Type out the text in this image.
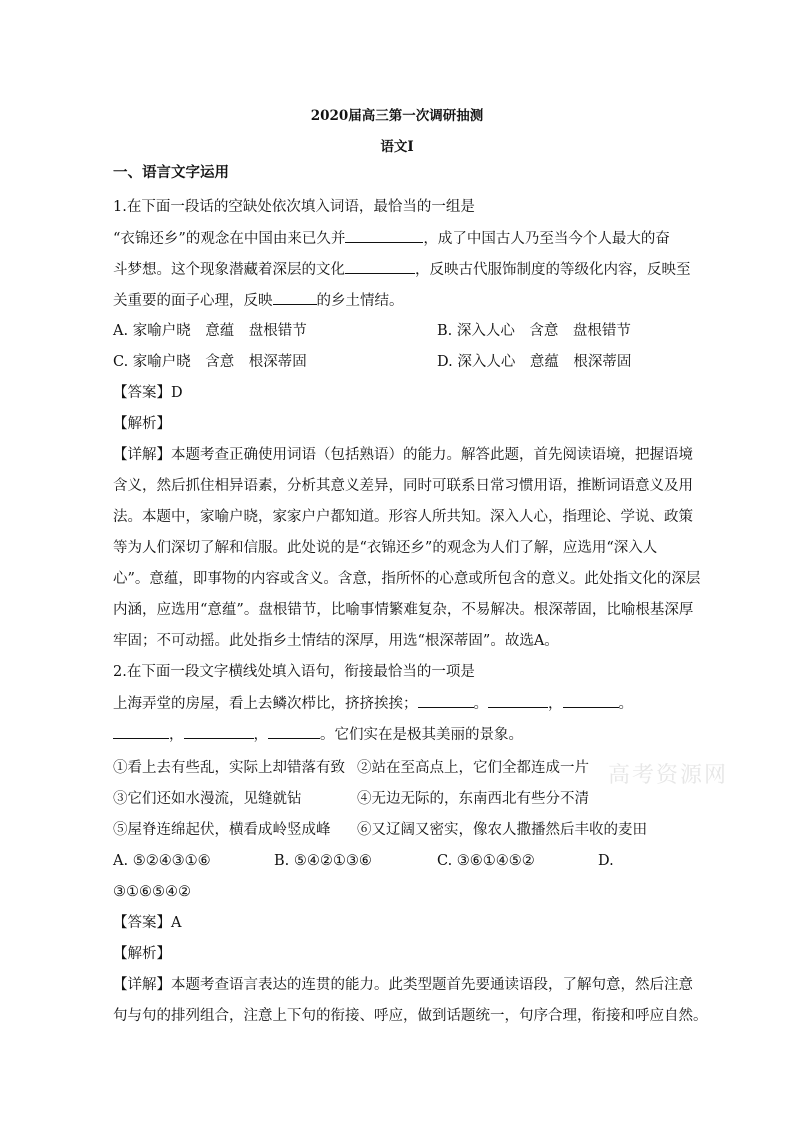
2020届高三第一次调研抽测
语文Ⅰ
一、语言文字运用
1.在下面一段话的空缺处依次填入词语，最恰当的一组是
“衣锦还乡”的观念在中国由来已久并	，成了中国古人乃至当今个人最大的奋
斗梦想。这个现象潜藏着深层的文化	，反映古代服饰制度的等级化内容，反映至
关重要的面子心理，反映	的乡土情结。
A. 家喻户晓　意蕴　盘根错节	B. 深入人心　含意　盘根错节
C. 家喻户晓　含意　根深蒂固	D. 深入人心　意蕴　根深蒂固
【答案】D
【解析】
【详解】本题考查正确使用词语（包括熟语）的能力。解答此题，首先阅读语境，把握语境
含义，然后抓住相异语素，分析其意义差异，同时可联系日常习惯用语，推断词语意义及用
法。本题中，家喻户晓，家家户户都知道。形容人所共知。深入人心，指理论、学说、政策
等为人们深切了解和信服。此处说的是“衣锦还乡”的观念为人们了解，应选用“深入人
心”。意蕴，即事物的内容或含义。含意，指所怀的心意或所包含的意义。此处指文化的深层
内涵，应选用“意蕴”。盘根错节，比喻事情繁难复杂，不易解决。根深蒂固，比喻根基深厚
牢固；不可动摇。此处指乡土情结的深厚，用选“根深蒂固”。故选A。
2.在下面一段文字横线处填入语句，衔接最恰当的一项是
上海弄堂的房屋，看上去鳞次栉比，挤挤挨挨；	。	，	。
，	，	。它们实在是极其美丽的景象。
①看上去有些乱，实际上却错落有致 ②站在至高点上，它们全都连成一片
③它们还如水漫流，见缝就钻	④无边无际的，东南西北有些分不清
⑤屋脊连绵起伏，横看成岭竖成峰 ⑥又辽阔又密实，像农人撒播然后丰收的麦田
A. ⑤②④③①⑥	B. ⑤④②①③⑥	C. ③⑥①④⑤②	D.
③①⑥⑤④②
【答案】A
【解析】
【详解】本题考查语言表达的连贯的能力。此类型题首先要通读语段，了解句意，然后注意
句与句的排列组合，注意上下句的衔接、呼应，做到话题统一，句序合理，衔接和呼应自然。
高考资源网
